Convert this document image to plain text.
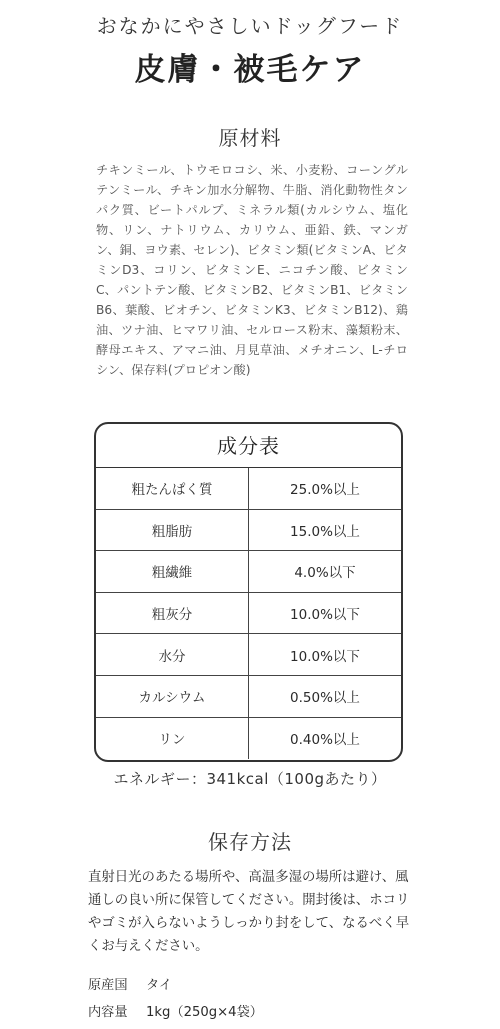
おなかにやさしいドッグフード
皮膚・被毛ケア
原材料
チキンミール、トウモロコシ、米、小麦粉、コーングルテンミール、チキン加水分解物、牛脂、消化動物性タンパク質、ビートパルプ、ミネラル類(カルシウム、塩化物、リン、ナトリウム、カリウム、亜鉛、鉄、マンガン、銅、ヨウ素、セレン)、ビタミン類(ビタミンA、ビタミンD3、コリン、ビタミンE、ニコチン酸、ビタミンC、パントテン酸、ビタミンB2、ビタミンB1、ビタミンB6、葉酸、ビオチン、ビタミンK3、ビタミンB12)、鶏油、ツナ油、ヒマワリ油、セルロース粉末、藻類粉末、酵母エキス、アマニ油、月見草油、メチオニン、L-チロシン、保存料(プロピオン酸)
成分表
粗たんぱく質	25.0%以上
粗脂肪	15.0%以上
粗繊維	4.0%以下
粗灰分	10.0%以下
水分	10.0%以下
カルシウム	0.50%以上
リン	0.40%以上
エネルギー：341kcal（100gあたり）
保存方法
直射日光のあたる場所や、高温多湿の場所は避け、風通しの良い所に保管してください。開封後は、ホコリやゴミが入らないようしっかり封をして、なるべく早くお与えください。
原産国 タイ
内容量 1kg（250g×4袋）
